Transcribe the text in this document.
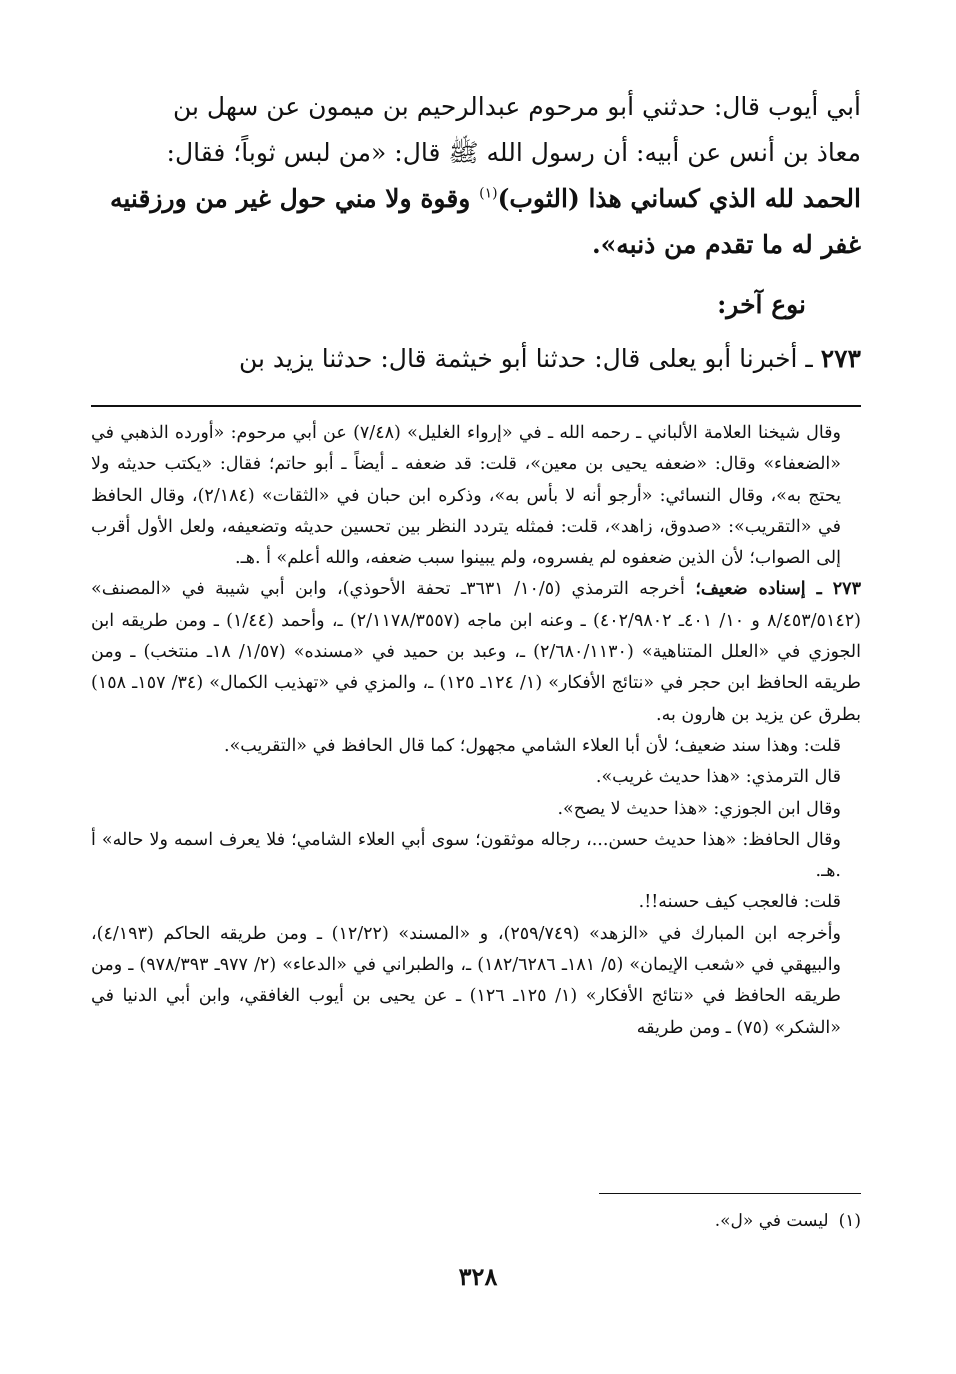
أبي أيوب قال: حدثني أبو مرحوم عبدالرحيم بن ميمون عن سهل بن

معاذ بن أنس عن أبيه: أن رسول الله ﷺ قال: «من لبس ثوباً؛ فقال:

الحمد لله الذي كساني هذا (الثوب)$^{(١)}$ وقوة ولا مني حول غير من ورزقنيه

غفر له ما تقدم من ذنبه».

نوع آخر:

٢٧٣ ـ أخبرنا أبو يعلى قال: حدثنا أبو خيثمة قال: حدثنا يزيد بن

وقال شيخنا العلامة الألباني ـ رحمه الله ـ في «إرواء الغليل» (٧/٤٨) عن أبي مرحوم: «أورده الذهبي في «الضعفاء» وقال: «ضعفه يحيى بن معين»، قلت: قد ضعفه ـ أيضاً ـ أبو حاتم؛ فقال: «يكتب حديثه ولا يحتج به»، وقال النسائي: «أرجو أنه لا بأس به»، وذكره ابن حبان في «الثقات» (٢/١٨٤)، وقال الحافظ في «التقريب»: «صدوق، زاهد»، قلت: فمثله يتردد النظر بين تحسين حديثه وتضعيفه، ولعل الأول أقرب إلى الصواب؛ لأن الذين ضعفوه لم يفسروه، ولم يبينوا سبب ضعفه، والله أعلم» أ .هـ.

٢٧٣ ـ إسناده ضعيف؛ أخرجه الترمذي (١٠/٥/ ٣٦٣١ـ تحفة الأحوذي)، وابن أبي شيبة في «المصنف» (٨/٤٥٣/٥١٤٢ و ١٠/ ٤٠١ـ ٤٠٢/٩٨٠٢) ـ وعنه ابن ماجه (٢/١١٧٨/٣٥٥٧) ـ، وأحمد (١/٤٤) ـ ومن طريقه ابن الجوزي في «العلل المتناهية» (٢/٦٨٠/١١٣٠) ـ، وعبد بن حميد في «مسنده» (١/٥٧/ ١٨ـ منتخب) ـ ومن طريقه الحافظ ابن حجر في «نتائج الأفكار» (١/ ١٢٤ـ ١٢٥) ـ، والمزي في «تهذيب الكمال» (٣٤/ ١٥٧ـ ١٥٨) بطرق عن يزيد بن هارون به.

قلت: وهذا سند ضعيف؛ لأن أبا العلاء الشامي مجهول؛ كما قال الحافظ في «التقريب».

قال الترمذي: «هذا حديث غريب».

وقال ابن الجوزي: «هذا حديث لا يصح».

وقال الحافظ: «هذا حديث حسن...، رجاله موثقون؛ سوى أبي العلاء الشامي؛ فلا يعرف اسمه ولا حاله» أ .هـ.

قلت: فالعجب كيف حسنه!!.

وأخرجه ابن المبارك في «الزهد» (٢٥٩/٧٤٩)، و «المسند» (١٢/٢٢) ـ ومن طريقه الحاكم (٤/١٩٣)، والبيهقي في «شعب الإيمان» (٥/ ١٨١ـ ١٨٢/٦٢٨٦) ـ، والطبراني في «الدعاء» (٢/ ٩٧٧ـ ٩٧٨/٣٩٣) ـ ومن طريقه الحافظ في «نتائج الأفكار» (١/ ١٢٥ـ ١٢٦) ـ عن يحيى بن أيوب الغافقي، وابن أبي الدنيا في «الشكر» (٧٥) ـ ومن طريقه

(١)ليست في «ل».
٣٢٨
